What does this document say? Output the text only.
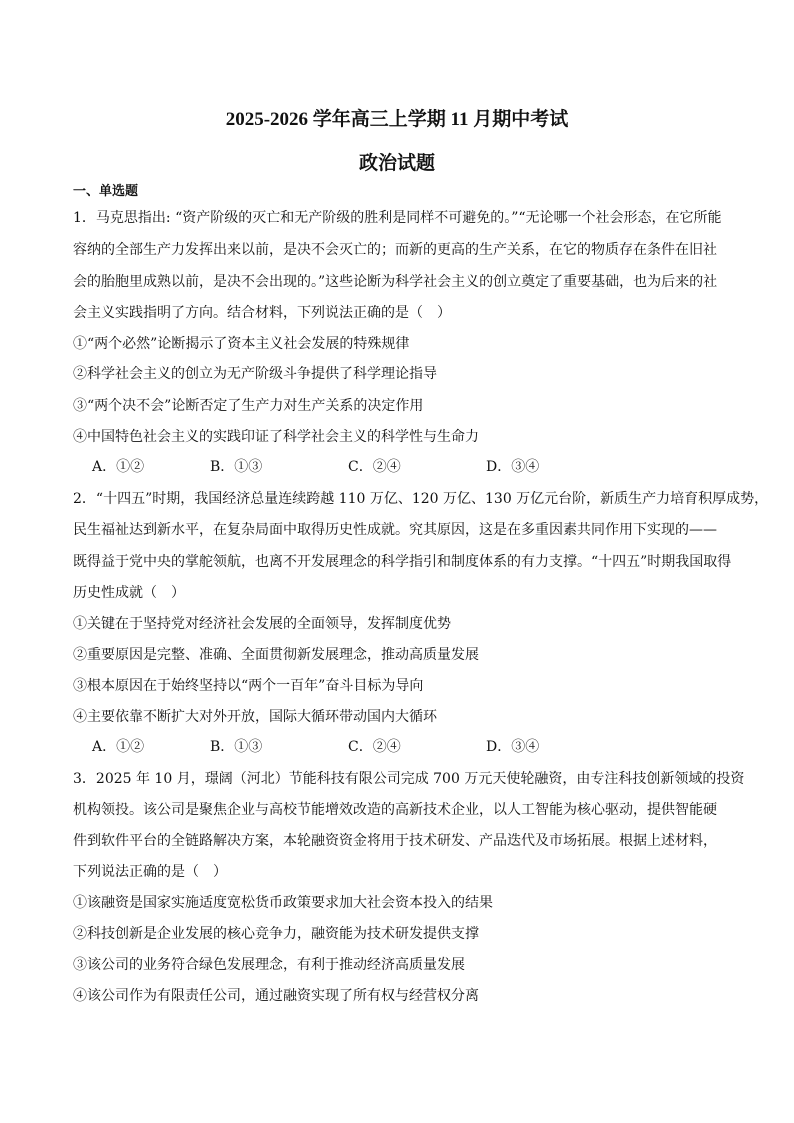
2025-2026 学年高三上学期 11 月期中考试
政治试题
一、单选题
1．马克思指出: “资产阶级的灭亡和无产阶级的胜利是同样不可避免的。”“无论哪一个社会形态，在它所能
容纳的全部生产力发挥出来以前，是决不会灭亡的；而新的更高的生产关系，在它的物质存在条件在旧社
会的胎胞里成熟以前，是决不会出现的。”这些论断为科学社会主义的创立奠定了重要基础，也为后来的社
会主义实践指明了方向。结合材料，下列说法正确的是（　）
①“两个必然”论断揭示了资本主义社会发展的特殊规律
②科学社会主义的创立为无产阶级斗争提供了科学理论指导
③“两个决不会”论断否定了生产力对生产关系的决定作用
④中国特色社会主义的实践印证了科学社会主义的科学性与生命力
A．①②	B．①③	C．②④	D．③④
2．“十四五”时期，我国经济总量连续跨越 110 万亿、120 万亿、130 万亿元台阶，新质生产力培育积厚成势，
民生福祉达到新水平，在复杂局面中取得历史性成就。究其原因，这是在多重因素共同作用下实现的——
既得益于党中央的掌舵领航，也离不开发展理念的科学指引和制度体系的有力支撑。“十四五”时期我国取得
历史性成就（　）
①关键在于坚持党对经济社会发展的全面领导，发挥制度优势
②重要原因是完整、准确、全面贯彻新发展理念，推动高质量发展
③根本原因在于始终坚持以“两个一百年”奋斗目标为导向
④主要依靠不断扩大对外开放，国际大循环带动国内大循环
A．①②	B．①③	C．②④	D．③④
3．2025 年 10 月，璟阔（河北）节能科技有限公司完成 700 万元天使轮融资，由专注科技创新领域的投资
机构领投。该公司是聚焦企业与高校节能增效改造的高新技术企业，以人工智能为核心驱动，提供智能硬
件到软件平台的全链路解决方案，本轮融资资金将用于技术研发、产品迭代及市场拓展。根据上述材料，
下列说法正确的是（　）
①该融资是国家实施适度宽松货币政策要求加大社会资本投入的结果
②科技创新是企业发展的核心竞争力，融资能为技术研发提供支撑
③该公司的业务符合绿色发展理念，有利于推动经济高质量发展
④该公司作为有限责任公司，通过融资实现了所有权与经营权分离
